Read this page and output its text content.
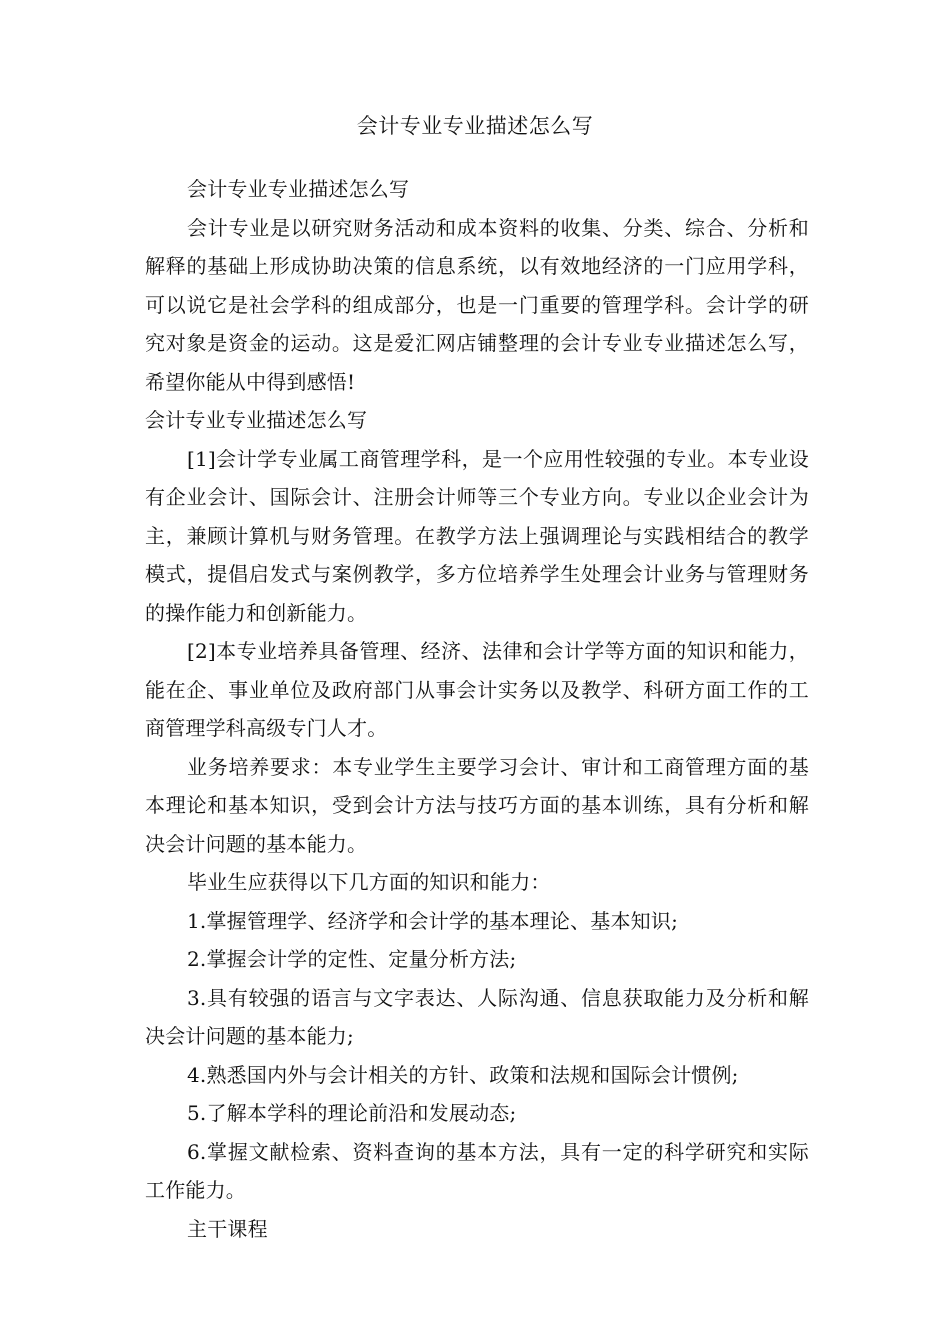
会计专业专业描述怎么写

会计专业专业描述怎么写

会计专业是以研究财务活动和成本资料的收集、分类、综合、分析和解释的基础上形成协助决策的信息系统，以有效地经济的一门应用学科，可以说它是社会学科的组成部分，也是一门重要的管理学科。会计学的研究对象是资金的运动。这是爱汇网店铺整理的会计专业专业描述怎么写，希望你能从中得到感悟!

会计专业专业描述怎么写

[1]会计学专业属工商管理学科，是一个应用性较强的专业。本专业设有企业会计、国际会计、注册会计师等三个专业方向。专业以企业会计为主，兼顾计算机与财务管理。在教学方法上强调理论与实践相结合的教学模式，提倡启发式与案例教学，多方位培养学生处理会计业务与管理财务的操作能力和创新能力。

[2]本专业培养具备管理、经济、法律和会计学等方面的知识和能力，能在企、事业单位及政府部门从事会计实务以及教学、科研方面工作的工商管理学科高级专门人才。

业务培养要求：本专业学生主要学习会计、审计和工商管理方面的基本理论和基本知识，受到会计方法与技巧方面的基本训练，具有分析和解决会计问题的基本能力。

毕业生应获得以下几方面的知识和能力：

1.掌握管理学、经济学和会计学的基本理论、基本知识;

2.掌握会计学的定性、定量分析方法;

3.具有较强的语言与文字表达、人际沟通、信息获取能力及分析和解决会计问题的基本能力;

4.熟悉国内外与会计相关的方针、政策和法规和国际会计惯例;

5.了解本学科的理论前沿和发展动态;

6.掌握文献检索、资料查询的基本方法，具有一定的科学研究和实际工作能力。

主干课程
